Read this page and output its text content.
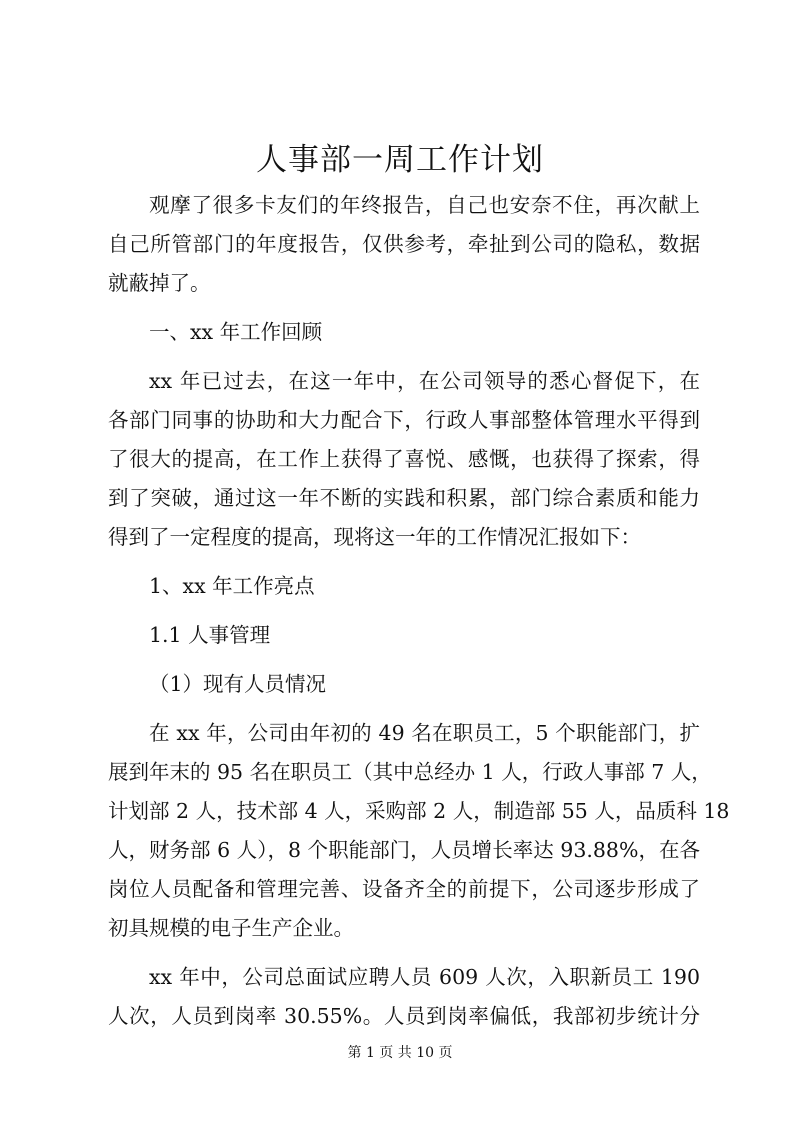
人事部一周工作计划
观摩了很多卡友们的年终报告，自己也安奈不住，再次献上
自己所管部门的年度报告，仅供参考，牵扯到公司的隐私，数据
就蔽掉了。
一、xx 年工作回顾
xx 年已过去，在这一年中，在公司领导的悉心督促下，在
各部门同事的协助和大力配合下，行政人事部整体管理水平得到
了很大的提高，在工作上获得了喜悦、感慨，也获得了探索，得
到了突破，通过这一年不断的实践和积累，部门综合素质和能力
得到了一定程度的提高，现将这一年的工作情况汇报如下：
1、xx 年工作亮点
1.1 人事管理
（1）现有人员情况
在 xx 年，公司由年初的 49 名在职员工，5 个职能部门，扩
展到年末的 95 名在职员工（其中总经办 1 人，行政人事部 7 人，
计划部 2 人，技术部 4 人，采购部 2 人，制造部 55 人，品质科 18
人，财务部 6 人），8 个职能部门，人员增长率达 93.88%，在各
岗位人员配备和管理完善、设备齐全的前提下，公司逐步形成了
初具规模的电子生产企业。
xx 年中，公司总面试应聘人员 609 人次，入职新员工 190
人次，人员到岗率 30.55%。人员到岗率偏低，我部初步统计分
第 1 页 共 10 页
